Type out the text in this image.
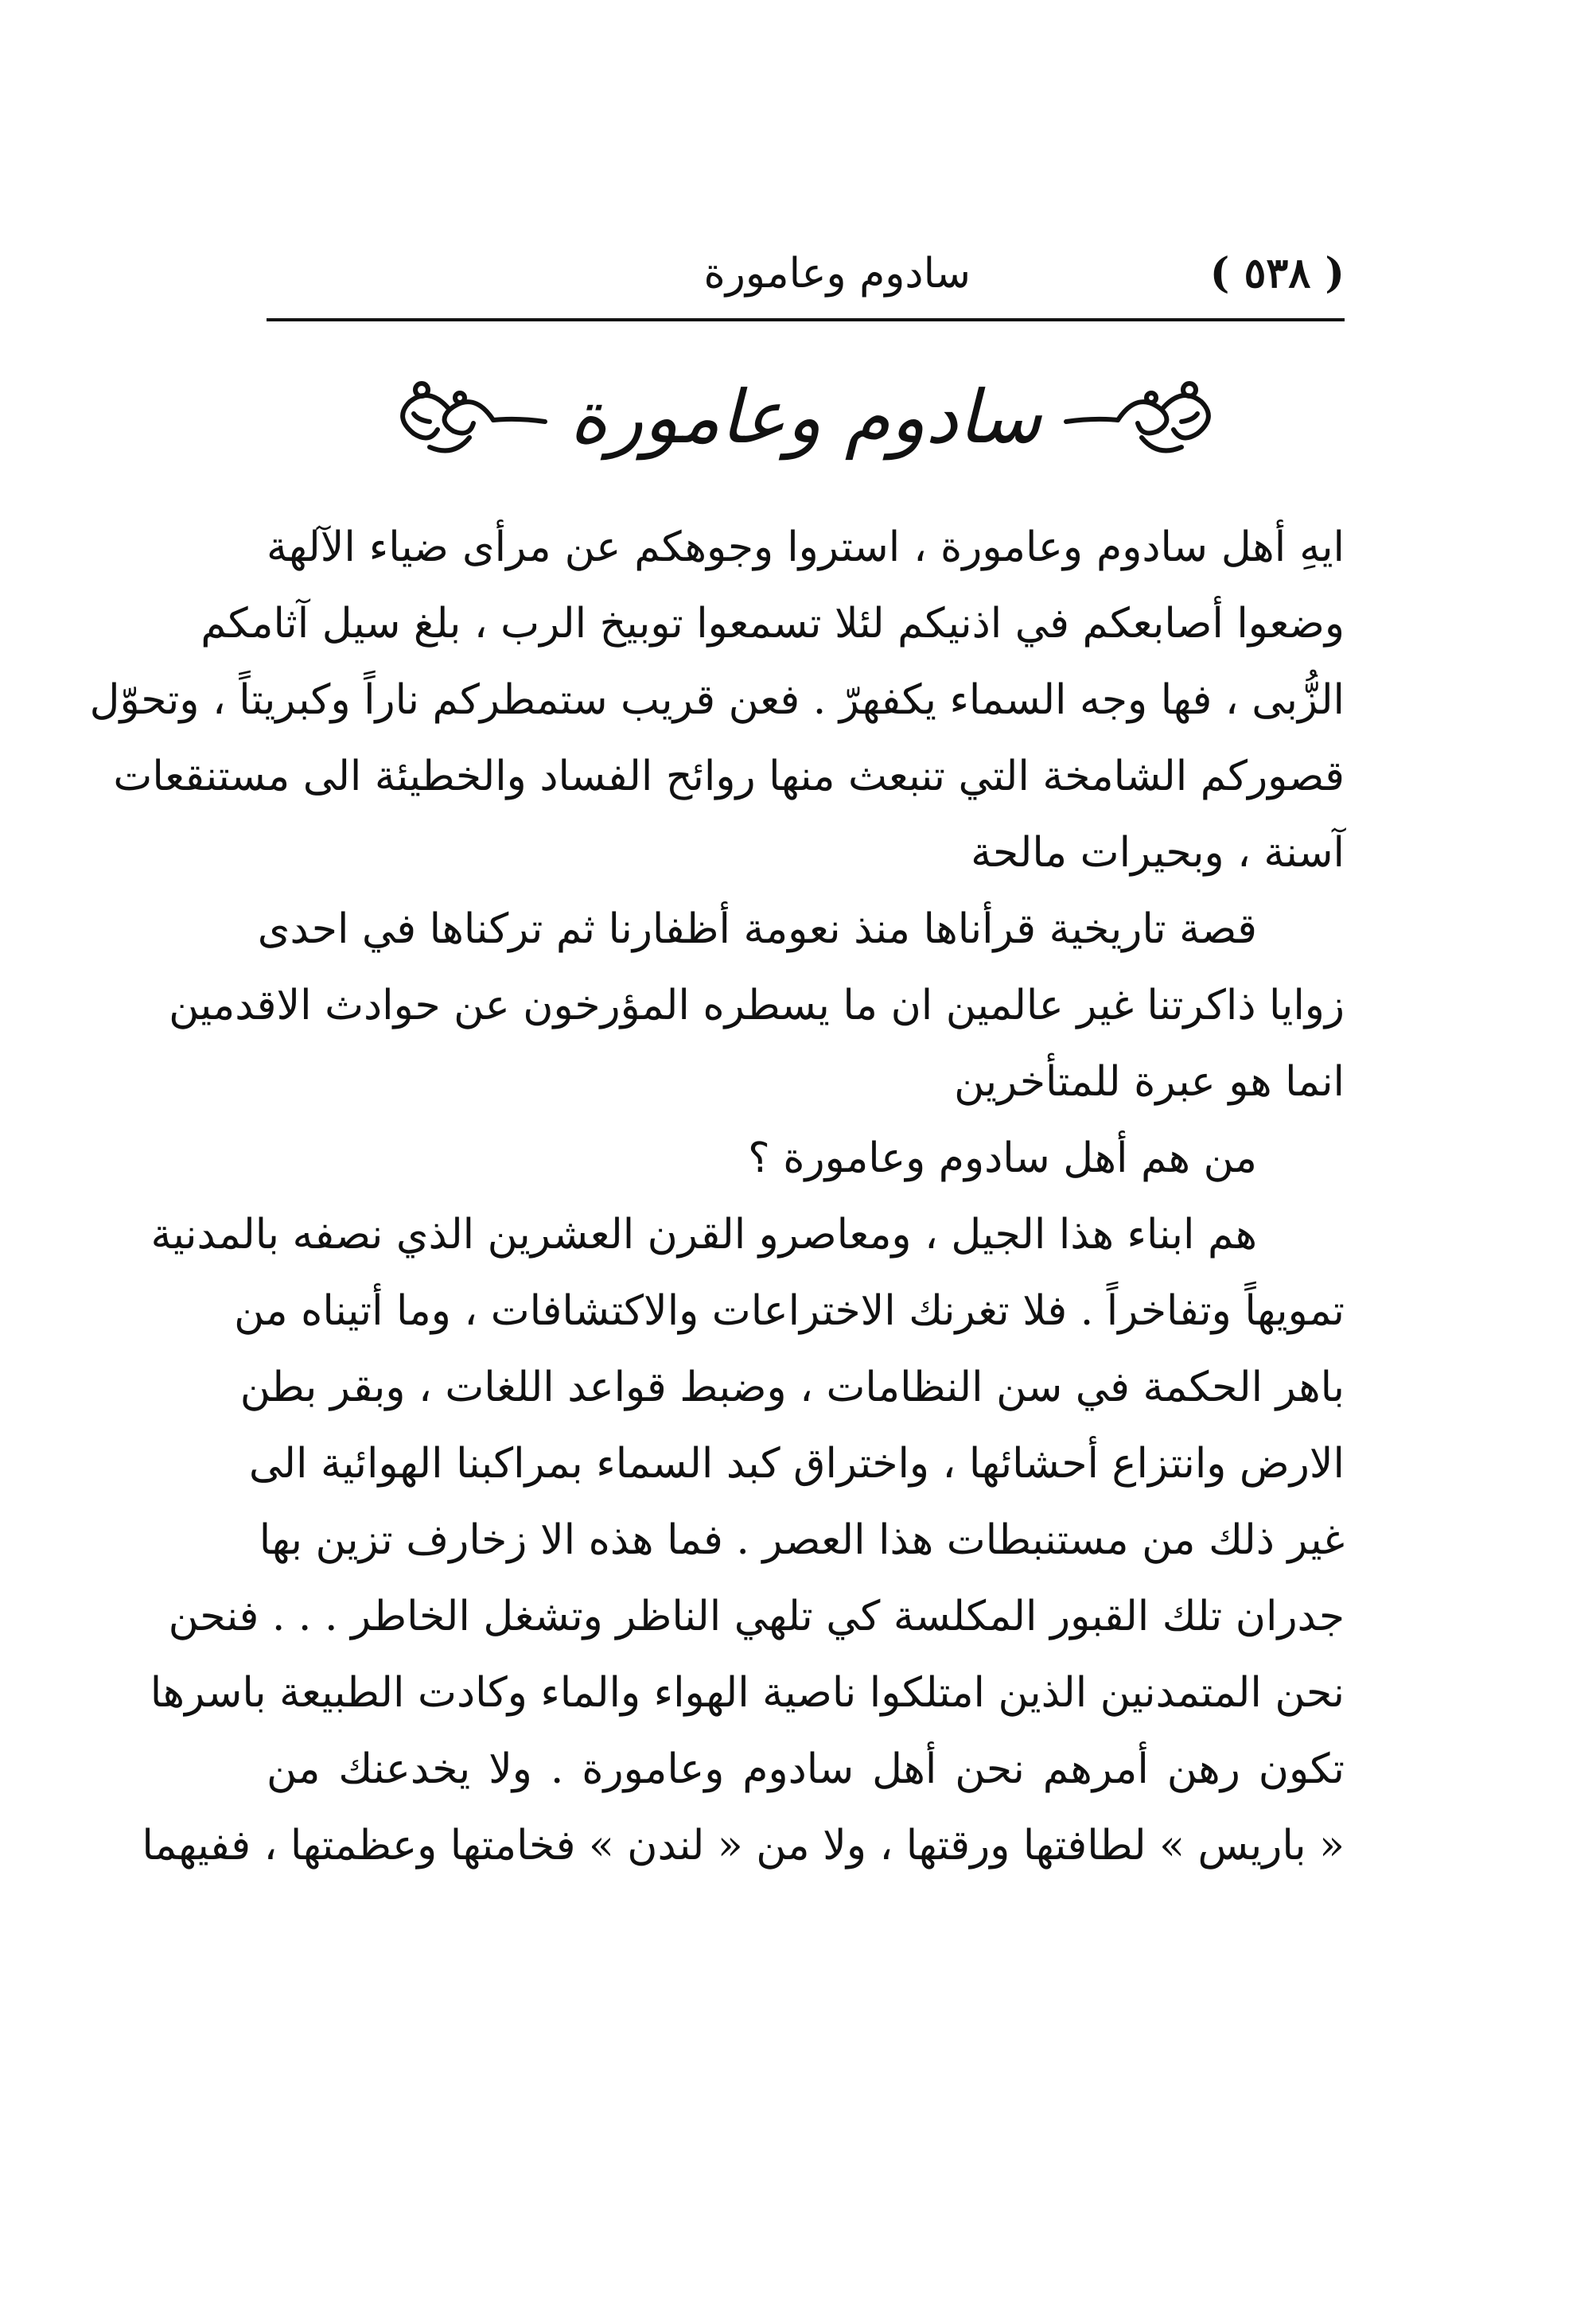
( ٥٣٨ )
سادوم وعامورة
سادوم وعامورة
ايهِ أهل سادوم وعامورة ، استروا وجوهكم عن مرأى ضياء الآلهة
وضعوا أصابعكم في اذنيكم لئلا تسمعوا توبيخ الرب ، بلغ سيل آثامكم
الزُّبى ، فها وجه السماء يكفهرّ . فعن قريب ستمطركم ناراً وكبريتاً ، وتحوّل
قصوركم الشامخة التي تنبعث منها روائح الفساد والخطيئة الى مستنقعات
آسنة ، وبحيرات مالحة
قصة تاريخية قرأناها منذ نعومة أظفارنا ثم تركناها في احدى
زوايا ذاكرتنا غير عالمين ان ما يسطره المؤرخون عن حوادث الاقدمين
انما هو عبرة للمتأخرين
من هم أهل سادوم وعامورة ؟
هم ابناء هذا الجيل ، ومعاصرو القرن العشرين الذي نصفه بالمدنية
تمويهاً وتفاخراً . فلا تغرنك الاختراعات والاكتشافات ، وما أتيناه من
باهر الحكمة في سن النظامات ، وضبط قواعد اللغات ، وبقر بطن
الارض وانتزاع أحشائها ، واختراق كبد السماء بمراكبنا الهوائية الى
غير ذلك من مستنبطات هذا العصر . فما هذه الا زخارف تزين بها
جدران تلك القبور المكلسة كي تلهي الناظر وتشغل الخاطر . . . فنحن
نحن المتمدنين الذين امتلكوا ناصية الهواء والماء وكادت الطبيعة باسرها
تكون رهن أمرهم نحن أهل سادوم وعامورة . ولا يخدعنك من
« باريس » لطافتها ورقتها ، ولا من « لندن » فخامتها وعظمتها ، ففيهما
